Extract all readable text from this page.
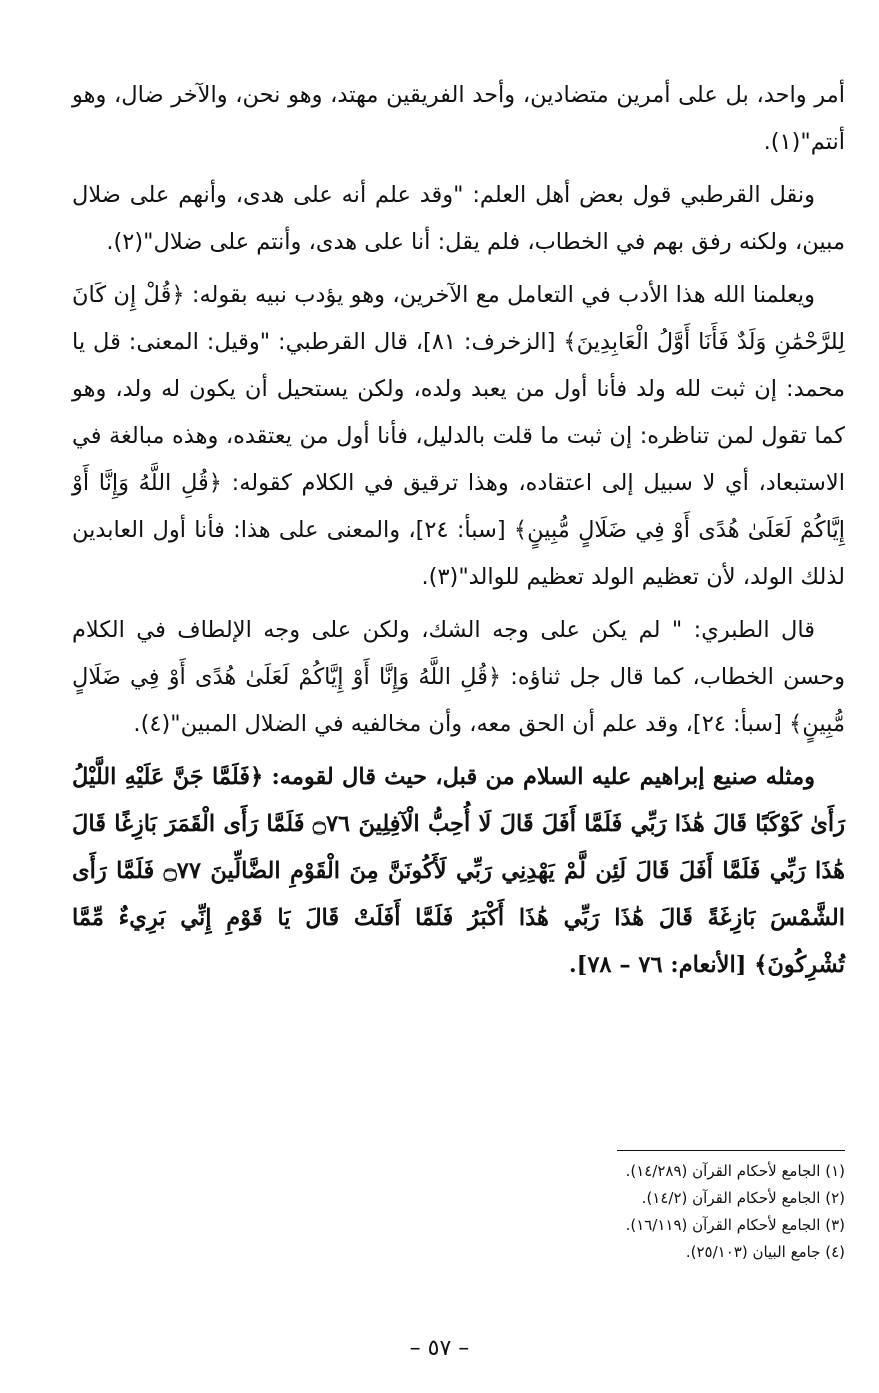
أمر واحد، بل على أمرين متضادين، وأحد الفريقين مهتد، وهو نحن، والآخر ضال، وهو أنتم"(١).

ونقل القرطبي قول بعض أهل العلم: "وقد علم أنه على هدى، وأنهم على ضلال مبين، ولكنه رفق بهم في الخطاب، فلم يقل: أنا على هدى، وأنتم على ضلال"(٢).

ويعلمنا الله هذا الأدب في التعامل مع الآخرين، وهو يؤدب نبيه بقوله: ﴿قُلْ إِن كَانَ لِلرَّحْمَٰنِ وَلَدٌ فَأَنَا أَوَّلُ الْعَابِدِينَ﴾ [الزخرف: ٨١]، قال القرطبي: "وقيل: المعنى: قل يا محمد: إن ثبت لله ولد فأنا أول من يعبد ولده، ولكن يستحيل أن يكون له ولد، وهو كما تقول لمن تناظره: إن ثبت ما قلت بالدليل، فأنا أول من يعتقده، وهذه مبالغة في الاستبعاد، أي لا سبيل إلى اعتقاده، وهذا ترقيق في الكلام كقوله: ﴿قُلِ اللَّهُ وَإِنَّا أَوْ إِيَّاكُمْ لَعَلَىٰ هُدًى أَوْ فِي ضَلَالٍ مُّبِينٍ﴾ [سبأ: ٢٤]، والمعنى على هذا: فأنا أول العابدين لذلك الولد، لأن تعظيم الولد تعظيم للوالد"(٣).

قال الطبري: " لم يكن على وجه الشك، ولكن على وجه الإلطاف في الكلام وحسن الخطاب، كما قال جل ثناؤه: ﴿قُلِ اللَّهُ وَإِنَّا أَوْ إِيَّاكُمْ لَعَلَىٰ هُدًى أَوْ فِي ضَلَالٍ مُّبِينٍ﴾ [سبأ: ٢٤]، وقد علم أن الحق معه، وأن مخالفيه في الضلال المبين"(٤).

ومثله صنيع إبراهيم عليه السلام من قبل، حيث قال لقومه: ﴿فَلَمَّا جَنَّ عَلَيْهِ اللَّيْلُ رَأَىٰ كَوْكَبًا قَالَ هَٰذَا رَبِّي فَلَمَّا أَفَلَ قَالَ لَا أُحِبُّ الْآفِلِينَ ۝٧٦ فَلَمَّا رَأَى الْقَمَرَ بَازِغًا قَالَ هَٰذَا رَبِّي فَلَمَّا أَفَلَ قَالَ لَئِن لَّمْ يَهْدِنِي رَبِّي لَأَكُونَنَّ مِنَ الْقَوْمِ الضَّالِّينَ ۝٧٧ فَلَمَّا رَأَى الشَّمْسَ بَازِغَةً قَالَ هَٰذَا رَبِّي هَٰذَا أَكْبَرُ فَلَمَّا أَفَلَتْ قَالَ يَا قَوْمِ إِنِّي بَرِيءٌ مِّمَّا تُشْرِكُونَ﴾ [الأنعام: ٧٦ – ٧٨].

(١) الجامع لأحكام القرآن (١٤/٢٨٩).
(٢) الجامع لأحكام القرآن (١٤/٢).
(٣) الجامع لأحكام القرآن (١٦/١١٩).
(٤) جامع البيان (٢٥/١٠٣).
– ٥٧ –
